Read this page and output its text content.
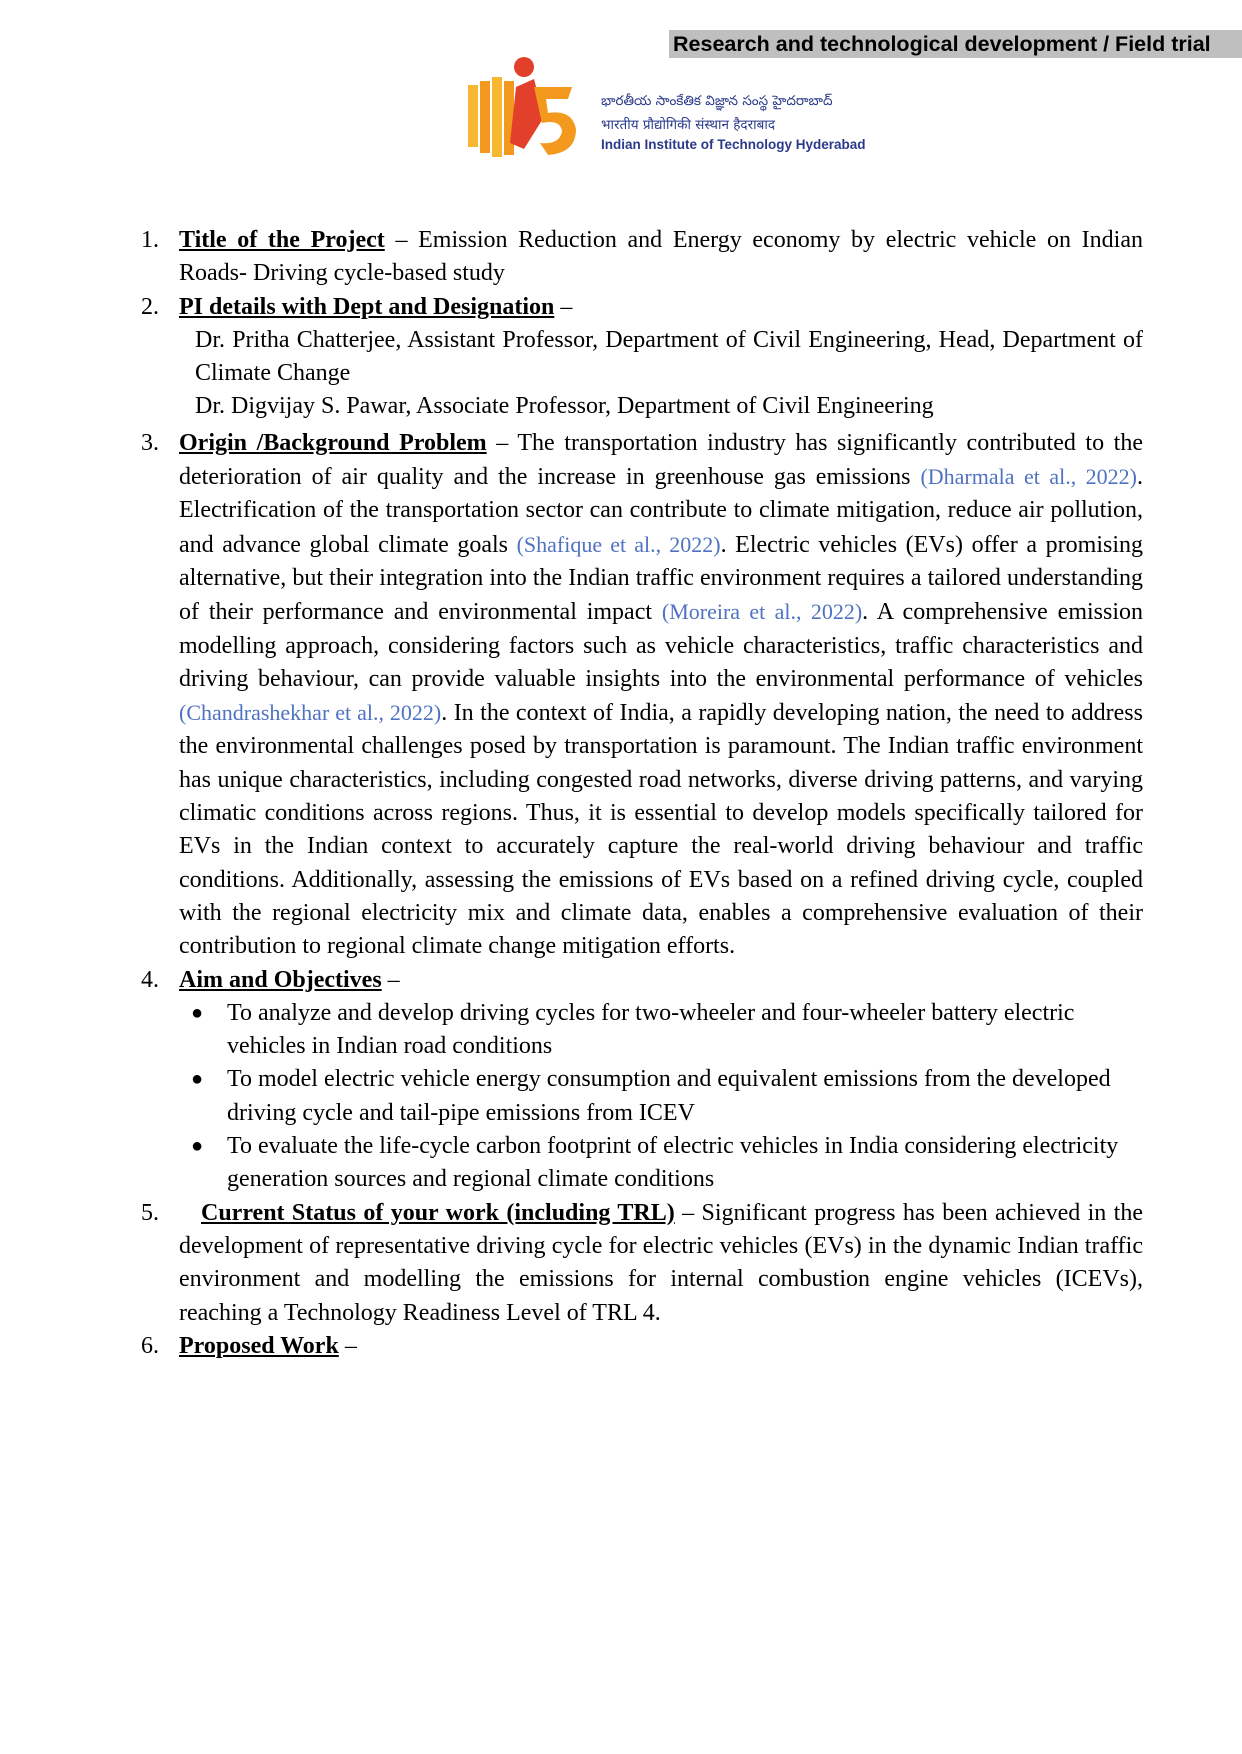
Research and technological development / Field trial
భారతీయ సాంకేతిక విజ్ఞాన సంస్థ హైదరాబాద్
भारतीय प्रौद्योगिकी संस्थान हैदराबाद
Indian Institute of Technology Hyderabad
1. Title of the Project – Emission Reduction and Energy economy by electric vehicle on Indian Roads- Driving cycle-based study
2. PI details with Dept and Designation –
Dr. Pritha Chatterjee, Assistant Professor, Department of Civil Engineering, Head, Department of Climate Change
Dr. Digvijay S. Pawar, Associate Professor, Department of Civil Engineering
3. Origin /Background Problem – The transportation industry has significantly contributed to the deterioration of air quality and the increase in greenhouse gas emissions (Dharmala et al., 2022). Electrification of the transportation sector can contribute to climate mitigation, reduce air pollution, and advance global climate goals (Shafique et al., 2022). Electric vehicles (EVs) offer a promising alternative, but their integration into the Indian traffic environment requires a tailored understanding of their performance and environmental impact (Moreira et al., 2022). A comprehensive emission modelling approach, considering factors such as vehicle characteristics, traffic characteristics and driving behaviour, can provide valuable insights into the environmental performance of vehicles (Chandrashekhar et al., 2022). In the context of India, a rapidly developing nation, the need to address the environmental challenges posed by transportation is paramount. The Indian traffic environment has unique characteristics, including congested road networks, diverse driving patterns, and varying climatic conditions across regions. Thus, it is essential to develop models specifically tailored for EVs in the Indian context to accurately capture the real-world driving behaviour and traffic conditions. Additionally, assessing the emissions of EVs based on a refined driving cycle, coupled with the regional electricity mix and climate data, enables a comprehensive evaluation of their contribution to regional climate change mitigation efforts.
4. Aim and Objectives –
● To analyze and develop driving cycles for two-wheeler and four-wheeler battery electric vehicles in Indian road conditions
● To model electric vehicle energy consumption and equivalent emissions from the developed driving cycle and tail-pipe emissions from ICEV
● To evaluate the life-cycle carbon footprint of electric vehicles in India considering electricity generation sources and regional climate conditions
5. Current Status of your work (including TRL) – Significant progress has been achieved in the development of representative driving cycle for electric vehicles (EVs) in the dynamic Indian traffic environment and modelling the emissions for internal combustion engine vehicles (ICEVs), reaching a Technology Readiness Level of TRL 4.
6. Proposed Work –
